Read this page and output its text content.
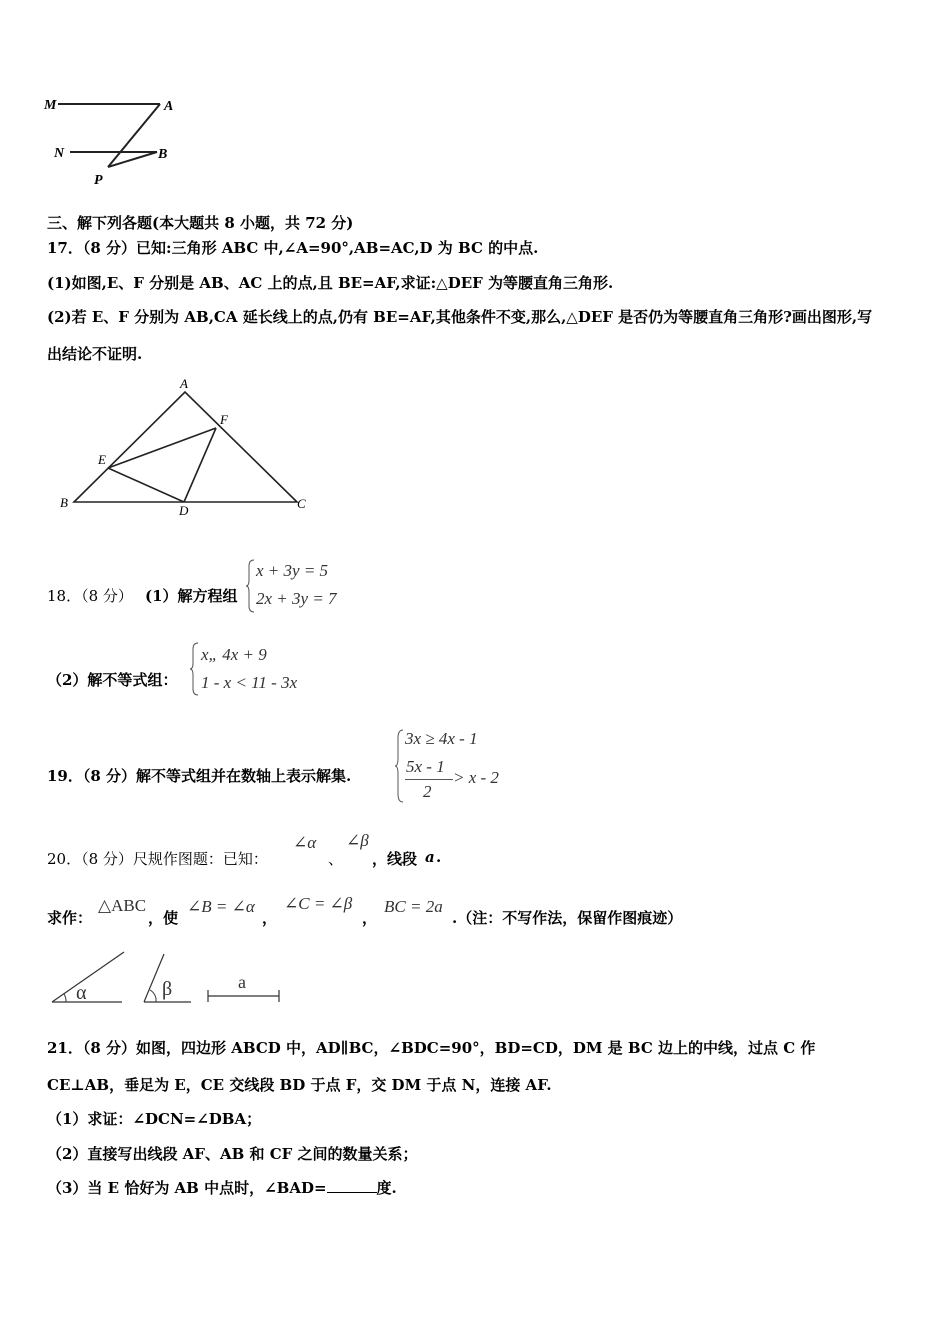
M	A
N	B
P
三、解下列各题(本大题共 8 小题，共 72 分)
17．（8 分）已知:三角形 ABC 中,∠A=90°,AB=AC,D 为 BC 的中点.
(1)如图,E、F 分别是 AB、AC 上的点,且 BE=AF,求证:△DEF 为等腰直角三角形.
(2)若 E、F 分别为 AB,CA 延长线上的点,仍有 BE=AF,其他条件不变,那么,△DEF 是否仍为等腰直角三角形?画出图形,写
出结论不证明.
A
F
E
B
D	C
18．（8 分） (1）解方程组
x + 3y = 5
2x + 3y = 7
（2）解不等式组：
x„ 4x + 9
1 - x < 11 - 3x
19．（8 分）解不等式组并在数轴上表示解集.
3x ≥ 4x - 1
5x - 1
2
> x - 2
20．（8 分）尺规作图题：已知：
∠α
、
∠β
，线段 a .
求作：
△ABC
，使
∠B = ∠α
，
∠C = ∠β
，
BC = 2a
.（注：不写作法，保留作图痕迹）
α	β	a
21．（8 分）如图，四边形 ABCD 中，AD∥BC，∠BDC=90°，BD=CD，DM 是 BC 边上的中线，过点 C 作
CE⊥AB，垂足为 E，CE 交线段 BD 于点 F，交 DM 于点 N，连接 AF.
（1）求证：∠DCN=∠DBA；
（2）直接写出线段 AF、AB 和 CF 之间的数量关系；
（3）当 E 恰好为 AB 中点时，∠BAD=	度.
